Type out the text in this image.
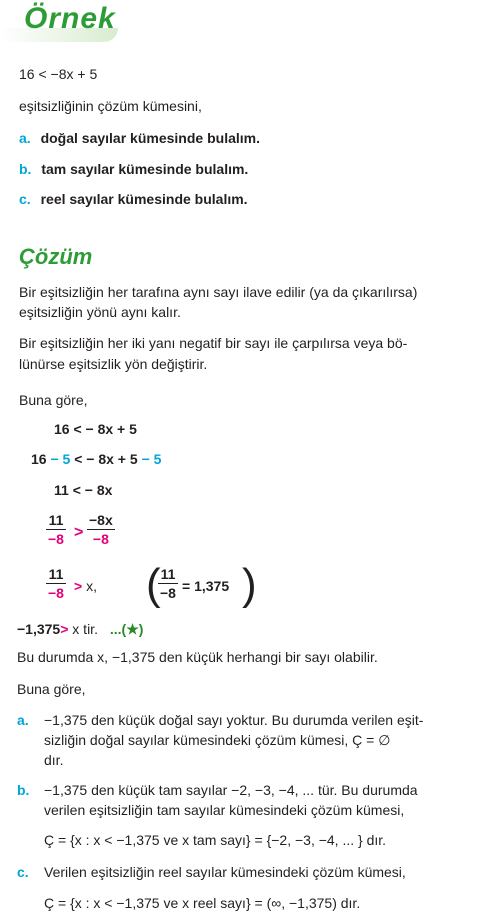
Örnek
16 < −8x + 5
eşitsizliğinin çözüm kümesini,
a. doğal sayılar kümesinde bulalım.
b. tam sayılar kümesinde bulalım.
c. reel sayılar kümesinde bulalım.
Çözüm
Bir eşitsizliğin her tarafına aynı sayı ilave edilir (ya da çıkarılırsa)
eşitsizliğin yönü aynı kalır.
Bir eşitsizliğin her iki yanı negatif bir sayı ile çarpılırsa veya bö-
lünürse eşitsizlik yön değiştirir.
Buna göre,
16 < − 8x + 5
16 − 5 < − 8x + 5 − 5
11 < − 8x
11
−8 >
−8x
−8
11
−8 > x, ( 11
−8 = 1,375 )
−1,375> x tir. ...(★)
Bu durumda x, −1,375 den küçük herhangi bir sayı olabilir.
Buna göre,
a. −1,375 den küçük doğal sayı yoktur. Bu durumda verilen eşit-
sizliğin doğal sayılar kümesindeki çözüm kümesi, Ç = ∅
dır.
b. −1,375 den küçük tam sayılar −2, −3, −4, ... tür. Bu durumda
verilen eşitsizliğin tam sayılar kümesindeki çözüm kümesi,
Ç = {x : x < −1,375 ve x tam sayı} = {−2, −3, −4, ... } dır.
c. Verilen eşitsizliğin reel sayılar kümesindeki çözüm kümesi,
Ç = {x : x < −1,375 ve x reel sayı} = (∞, −1,375) dır.
